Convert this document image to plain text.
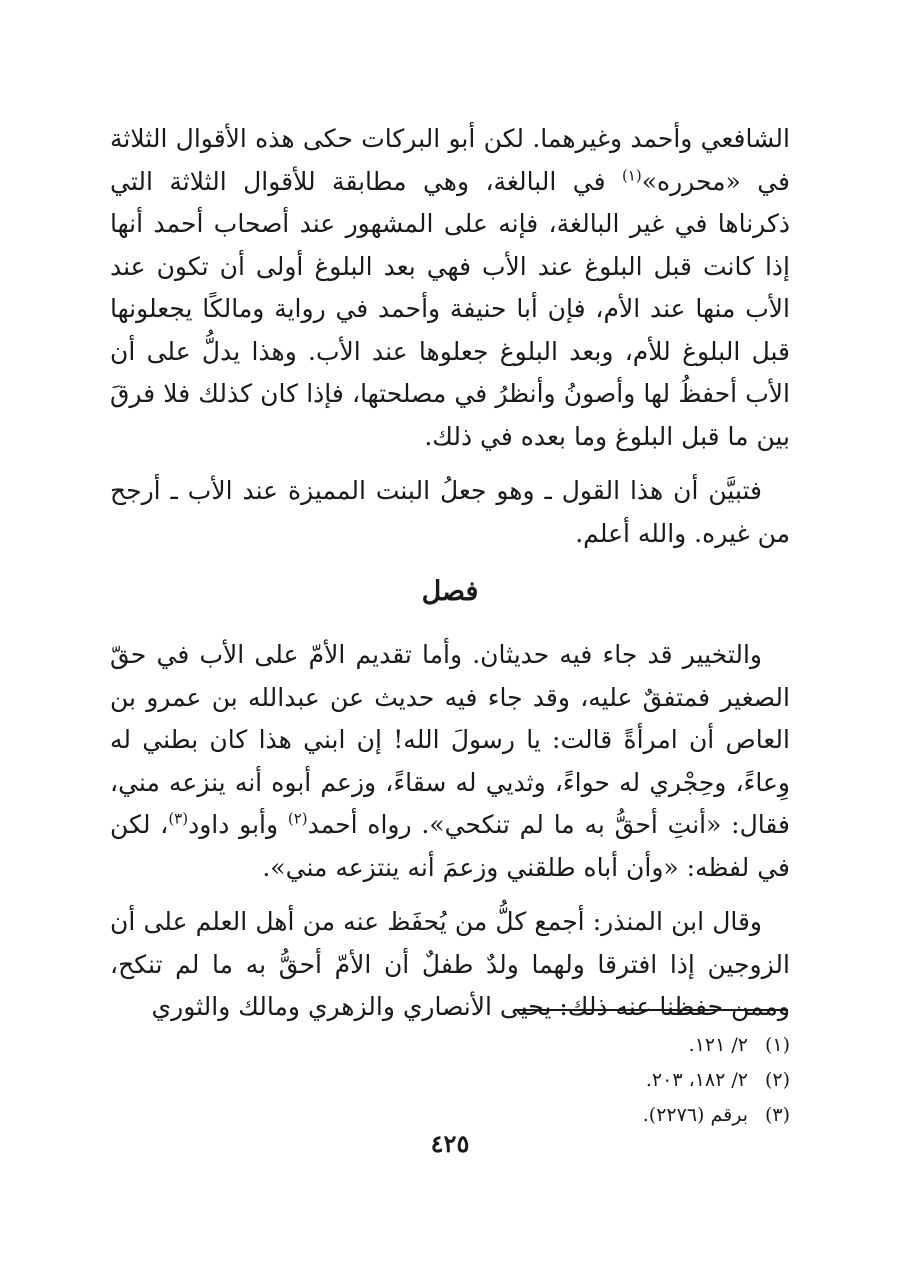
الشافعي وأحمد وغيرهما. لكن أبو البركات حكى هذه الأقوال الثلاثة في «محرره»$^{(١)}$ في البالغة، وهي مطابقة للأقوال الثلاثة التي ذكرناها في غير البالغة، فإنه على المشهور عند أصحاب أحمد أنها إذا كانت قبل البلوغ عند الأب فهي بعد البلوغ أولى أن تكون عند الأب منها عند الأم، فإن أبا حنيفة وأحمد في رواية ومالكًا يجعلونها قبل البلوغ للأم، وبعد البلوغ جعلوها عند الأب. وهذا يدلُّ على أن الأب أحفظُ لها وأصونُ وأنظرُ في مصلحتها، فإذا كان كذلك فلا فرقَ بين ما قبل البلوغ وما بعده في ذلك.

فتبيَّن أن هذا القول ـ وهو جعلُ البنت المميزة عند الأب ـ أرجح من غيره. والله أعلم.

فصل

والتخيير قد جاء فيه حديثان. وأما تقديم الأمّ على الأب في حقّ الصغير فمتفقٌ عليه، وقد جاء فيه حديث عن عبدالله بن عمرو بن العاص أن امرأةً قالت: يا رسولَ الله! إن ابني هذا كان بطني له وِعاءً، وحِجْري له حواءً، وثديي له سقاءً، وزعم أبوه أنه ينزعه مني، فقال: «أنتِ أحقُّ به ما لم تنكحي». رواه أحمد$^{(٢)}$ وأبو داود$^{(٣)}$، لكن في لفظه: «وأن أباه طلقني وزعمَ أنه ينتزعه مني».

وقال ابن المنذر: أجمع كلُّ من يُحفَظ عنه من أهل العلم على أن الزوجين إذا افترقا ولهما ولدٌ طفلٌ أن الأمّ أحقُّ به ما لم تنكح، وممن حفظنا عنه ذلك: يحيى الأنصاري والزهري ومالك والثوري

(١)٢/ ١٢١.
(٢)٢/ ١٨٢، ٢٠٣.
(٣)برقم (٢٢٧٦).
٤٢٥
